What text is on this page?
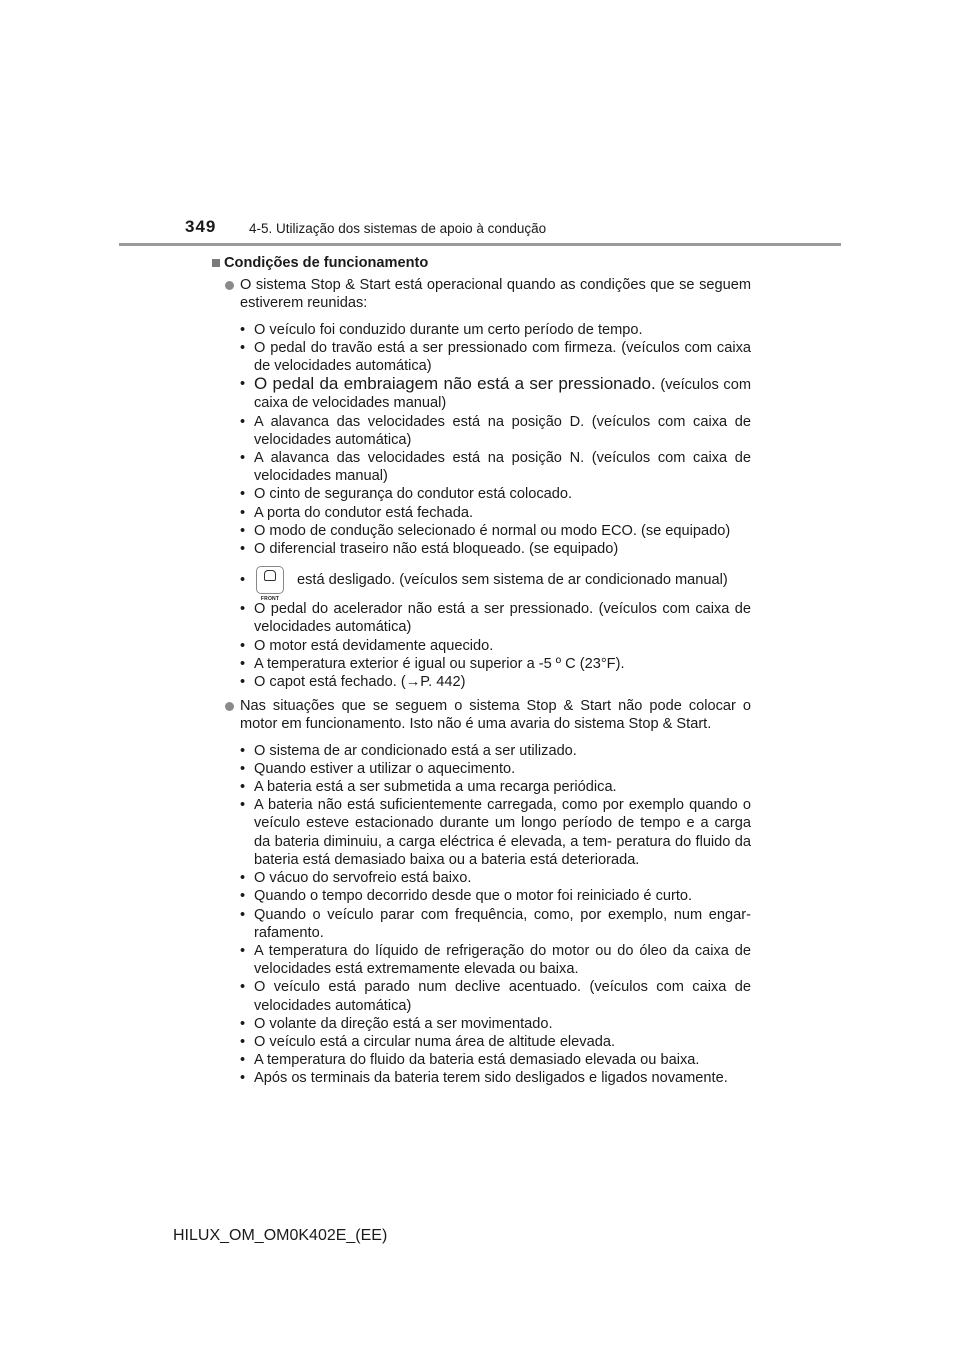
349 4-5. Utilização dos sistemas de apoio à condução
Condições de funcionamento
O sistema Stop & Start está operacional quando as condições que se seguem estiverem reunidas:
• O veículo foi conduzido durante um certo período de tempo.
• O pedal do travão está a ser pressionado com firmeza. (veículos com caixa de velocidades automática)
• O pedal da embraiagem não está a ser pressionado. (veículos com caixa de velocidades manual)
• A alavanca das velocidades está na posição D. (veículos com caixa de velocidades automática)
• A alavanca das velocidades está na posição N. (veículos com caixa de velocidades manual)
• O cinto de segurança do condutor está colocado.
• A porta do condutor está fechada.
• O modo de condução selecionado é normal ou modo ECO. (se equipado)
• O diferencial traseiro não está bloqueado. (se equipado)
• FRONT
está desligado. (veículos sem sistema de ar condicionado manual)
• O pedal do acelerador não está a ser pressionado. (veículos com caixa de velocidades automática)
• O motor está devidamente aquecido.
• A temperatura exterior é igual ou superior a -5 º C (23°F).
• O capot está fechado. (→P. 442)
Nas situações que se seguem o sistema Stop & Start não pode colocar o motor em funcionamento. Isto não é uma avaria do sistema Stop & Start.
• O sistema de ar condicionado está a ser utilizado.
• Quando estiver a utilizar o aquecimento.
• A bateria está a ser submetida a uma recarga periódica.
• A bateria não está suficientemente carregada, como por exemplo quando o veículo esteve estacionado durante um longo período de tempo e a carga da bateria diminuiu, a carga eléctrica é elevada, a tem- peratura do fluido da bateria está demasiado baixa ou a bateria está deteriorada.
• O vácuo do servofreio está baixo.
• Quando o tempo decorrido desde que o motor foi reiniciado é curto.
• Quando o veículo parar com frequência, como, por exemplo, num engar- rafamento.
• A temperatura do líquido de refrigeração do motor ou do óleo da caixa de velocidades está extremamente elevada ou baixa.
• O veículo está parado num declive acentuado. (veículos com caixa de velocidades automática)
• O volante da direção está a ser movimentado.
• O veículo está a circular numa área de altitude elevada.
• A temperatura do fluido da bateria está demasiado elevada ou baixa.
• Após os terminais da bateria terem sido desligados e ligados novamente.
HILUX_OM_OM0K402E_(EE)
